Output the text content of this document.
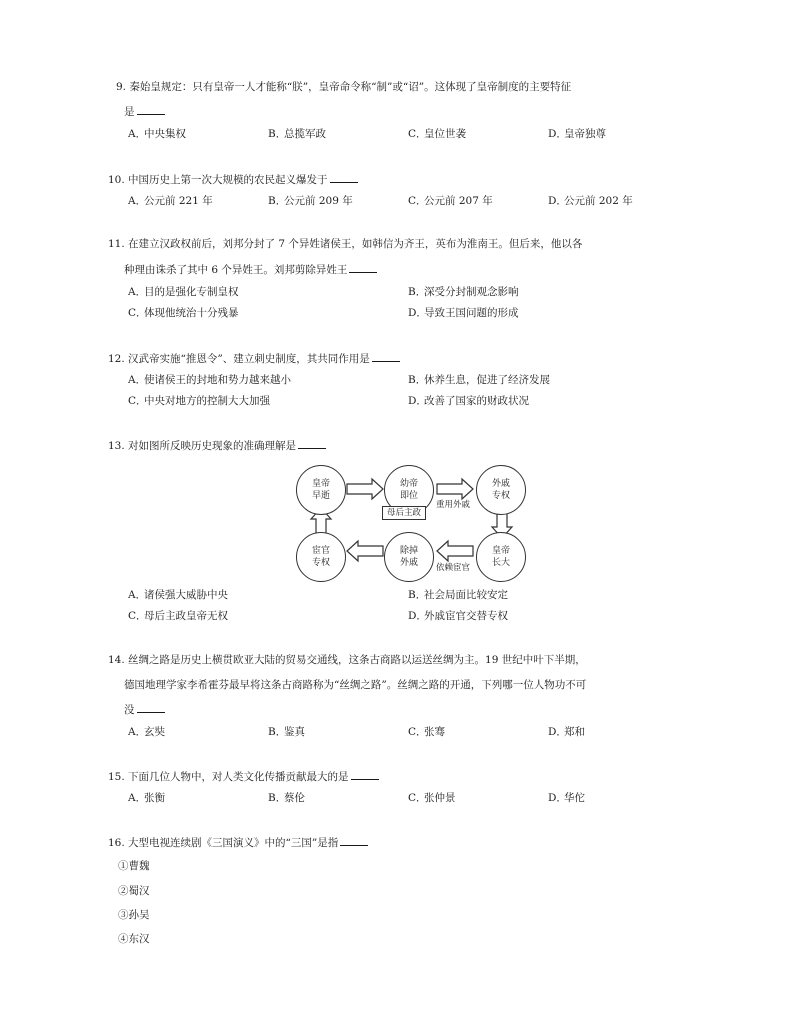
9. 秦始皇规定：只有皇帝一人才能称“朕”，皇帝命令称“制”或“诏”。这体现了皇帝制度的主要特征
是
A．中央集权	B．总揽军政	C．皇位世袭	D．皇帝独尊
10. 中国历史上第一次大规模的农民起义爆发于
A．公元前 221 年	B．公元前 209 年	C．公元前 207 年	D．公元前 202 年
11. 在建立汉政权前后，刘邦分封了 7 个异姓诸侯王，如韩信为齐王，英布为淮南王。但后来，他以各
种理由诛杀了其中 6 个异姓王。刘邦剪除异姓王
A．目的是强化专制皇权	B．深受分封制观念影响
C．体现他统治十分残暴	D．导致王国问题的形成
12. 汉武帝实施“推恩令”、建立刺史制度，其共同作用是
A．使诸侯王的封地和势力越来越小	B．休养生息，促进了经济发展
C．中央对地方的控制大大加强	D．改善了国家的财政状况
13. 对如图所反映历史现象的准确理解是
皇帝
早逝
幼帝
即位
外戚
专权
皇帝
长大
除掉
外戚
宦官
专权
母后主政
重用外戚
依赖宦官
A．诸侯强大威胁中央	B．社会局面比较安定
C．母后主政皇帝无权	D．外戚宦官交替专权
14. 丝绸之路是历史上横贯欧亚大陆的贸易交通线，这条古商路以运送丝绸为主。19 世纪中叶下半期，
德国地理学家李希霍芬最早将这条古商路称为“丝绸之路”。丝绸之路的开通，下列哪一位人物功不可
没
A．玄奘	B．鉴真	C．张骞	D．郑和
15. 下面几位人物中，对人类文化传播贡献最大的是
A．张衡	B．蔡伦	C．张仲景	D．华佗
16. 大型电视连续剧《三国演义》中的“三国”是指
①曹魏
②蜀汉
③孙吴
④东汉
